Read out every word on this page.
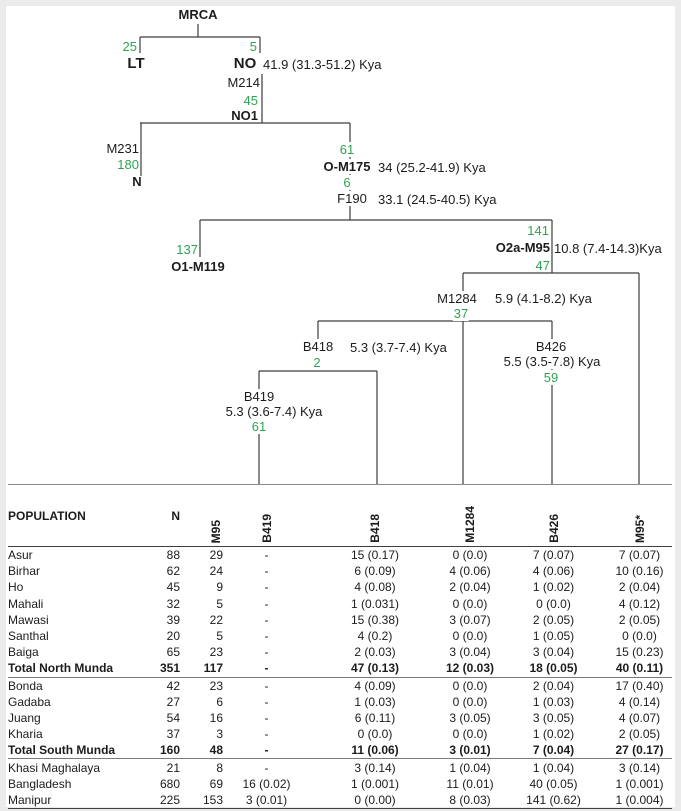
MRCA
25	5
LT	NO 41.9 (31.3-51.2) Kya
M214
45
NO1
M231
180
N
61
O-M175 34 (25.2-41.9) Kya
6
F190 33.1 (24.5-40.5) Kya
137
O1-M119
141
O2a-M95 10.8 (7.4-14.3)Kya
47
M1284 5.9 (4.1-8.2) Kya
37
B418 5.3 (3.7-7.4) Kya
2
B419
5.3 (3.6-7.4) Kya
61
B426
5.5 (3.5-7.8) Kya
59
POPULATION	N	M95	B419	B418	M1284	B426	M95*
Asur	88	29	-	15 (0.17)	0 (0.0)	7 (0.07)	7 (0.07)
Birhar	62	24	-	6 (0.09)	4 (0.06)	4 (0.06)	10 (0.16)
Ho	45	9	-	4 (0.08)	2 (0.04)	1 (0.02)	2 (0.04)
Mahali	32	5	-	1 (0.031)	0 (0.0)	0 (0.0)	4 (0.12)
Mawasi	39	22	-	15 (0.38)	3 (0.07)	2 (0.05)	2 (0.05)
Santhal	20	5	-	4 (0.2)	0 (0.0)	1 (0.05)	0 (0.0)
Baiga	65	23	-	2 (0.03)	3 (0.04)	3 (0.04)	15 (0.23)
Total North Munda	351	117	-	47 (0.13)	12 (0.03)	18 (0.05)	40 (0.11)
Bonda	42	23	-	4 (0.09)	0 (0.0)	2 (0.04)	17 (0.40)
Gadaba	27	6	-	1 (0.03)	0 (0.0)	1 (0.03)	4 (0.14)
Juang	54	16	-	6 (0.11)	3 (0.05)	3 (0.05)	4 (0.07)
Kharia	37	3	-	0 (0.0)	0 (0.0)	1 (0.02)	2 (0.05)
Total South Munda	160	48	-	11 (0.06)	3 (0.01)	7 (0.04)	27 (0.17)
Khasi Maghalaya	21	8	-	3 (0.14)	1 (0.04)	1 (0.04)	3 (0.14)
Bangladesh	680	69	16 (0.02)	1 (0.001)	11 (0.01)	40 (0.05)	1 (0.001)
Manipur	225	153	3 (0.01)	0 (0.00)	8 (0.03)	141 (0.62)	1 (0.004)
